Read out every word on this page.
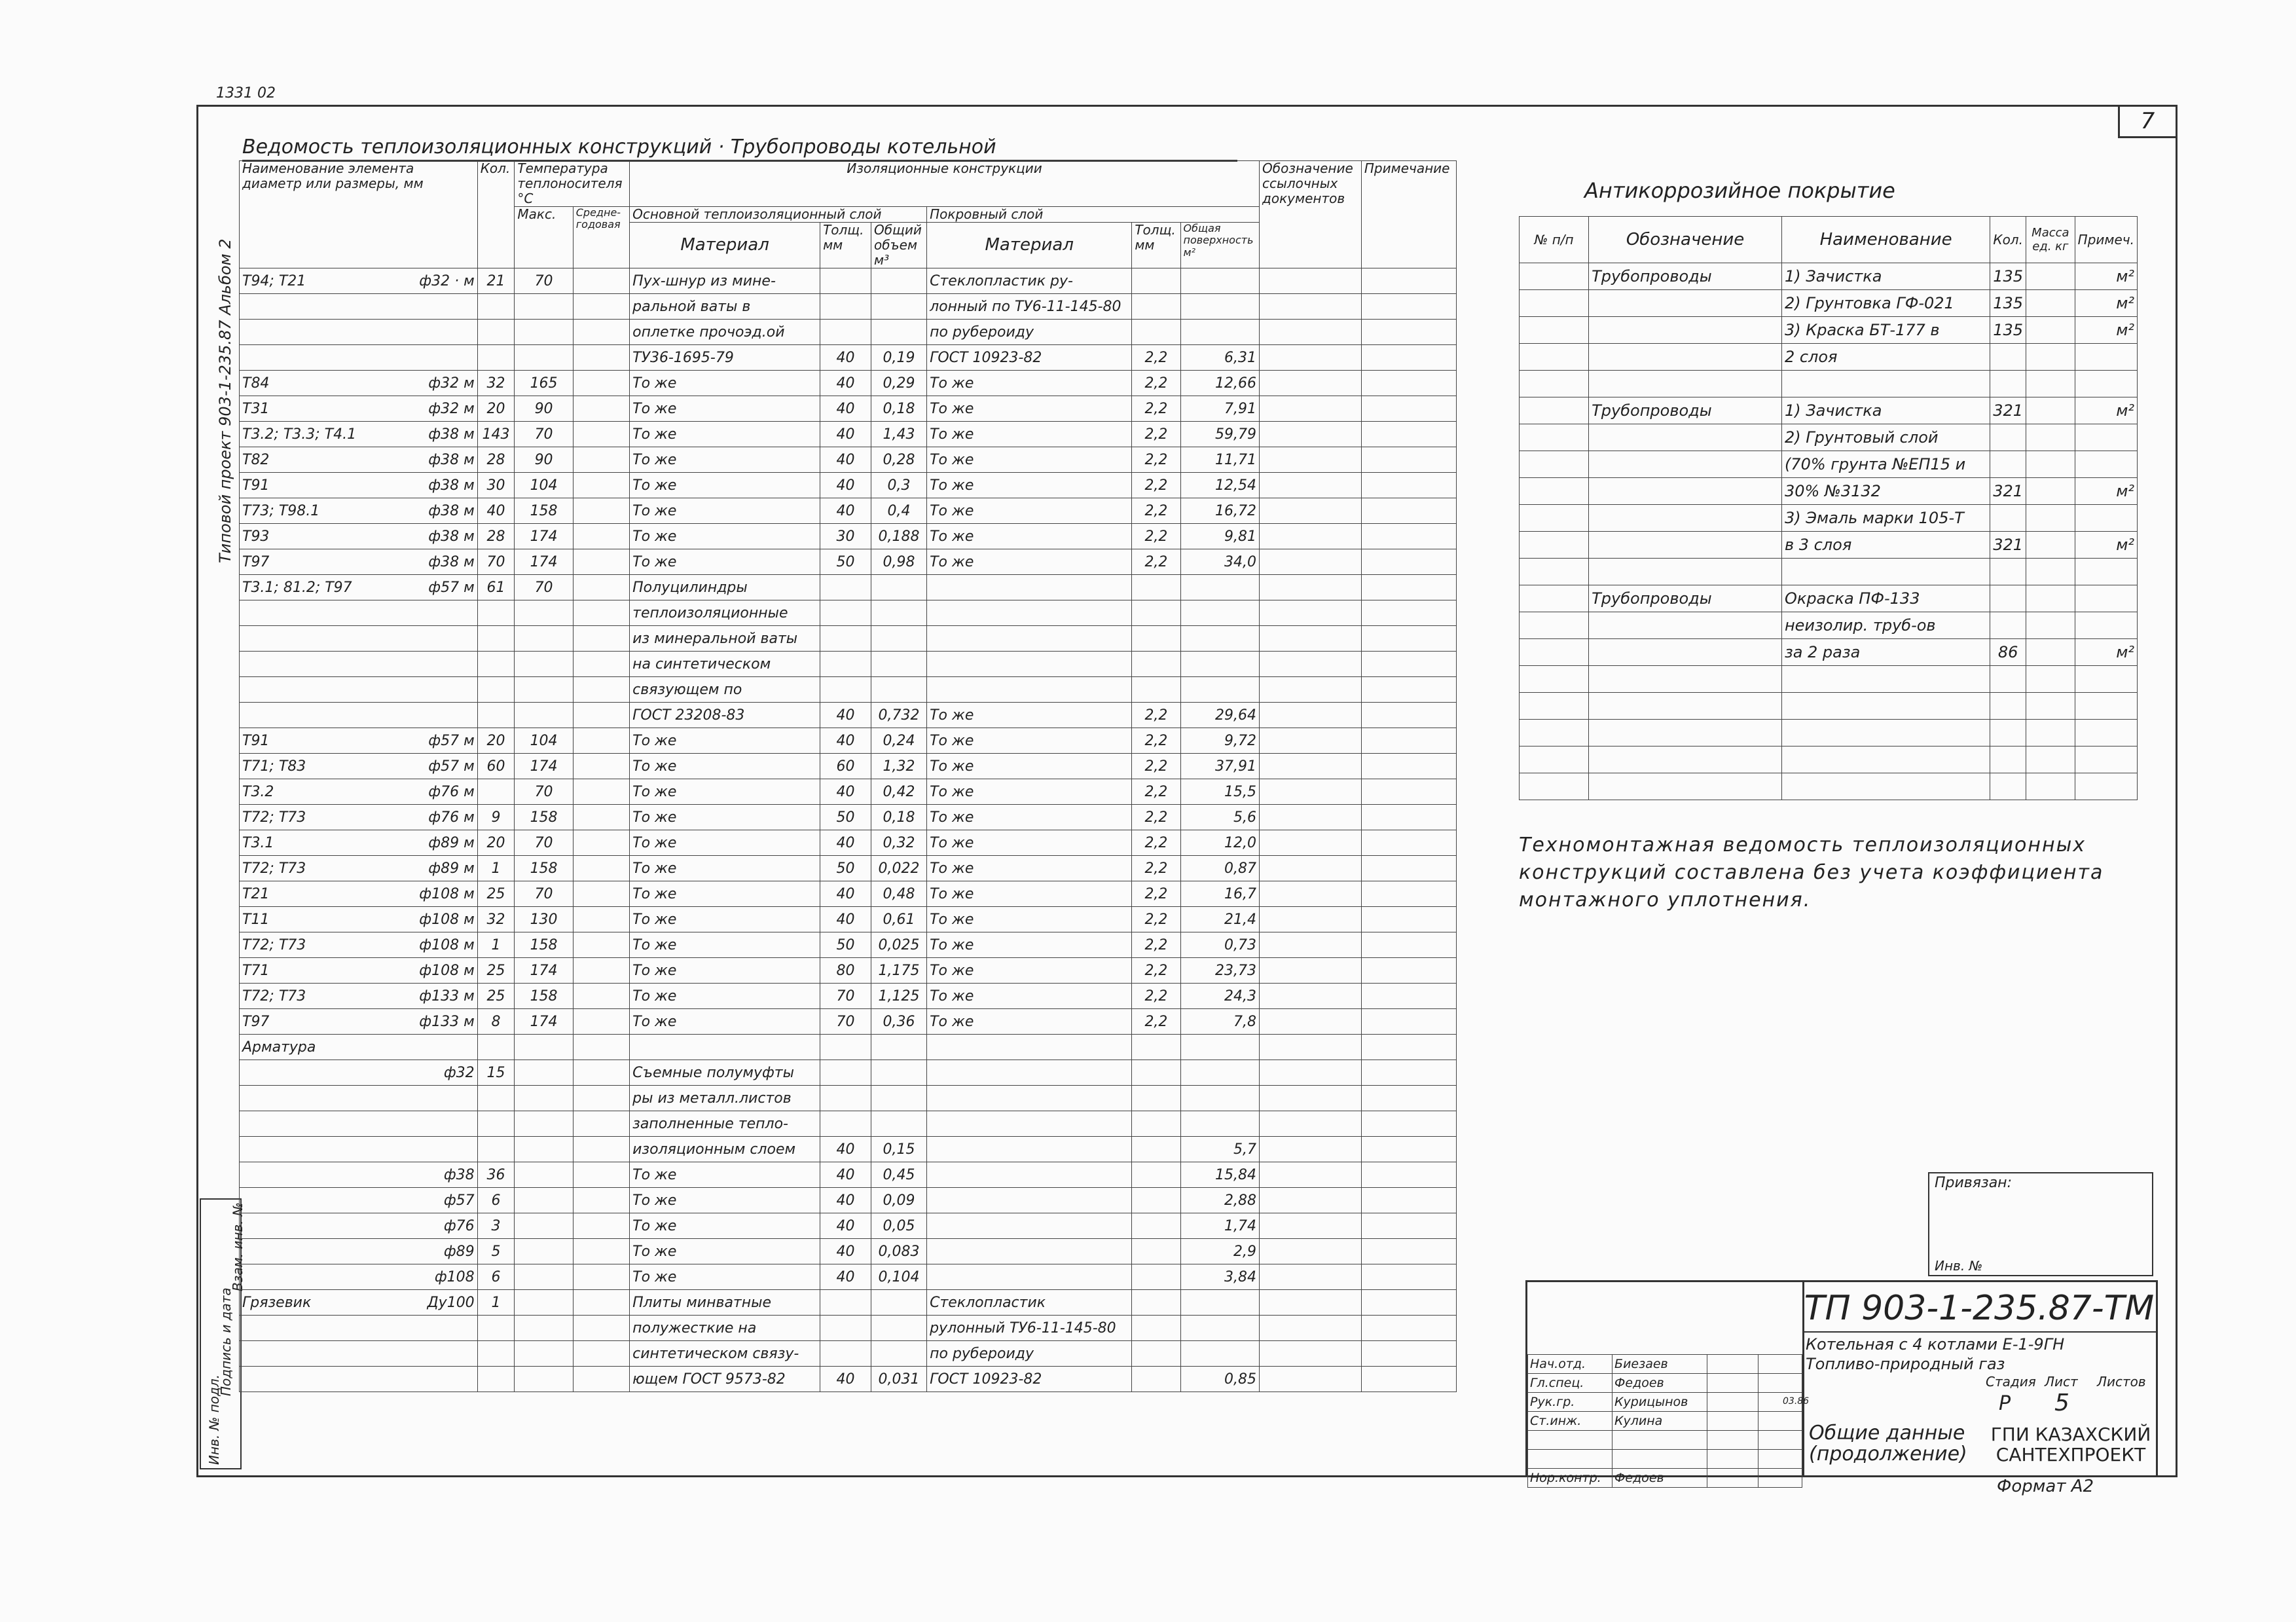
7
1331 02
Типовой проект 903-1-235.87 Альбом 2
Инв. № подл.
Подпись и дата
Взам. инв. №
Ведомость теплоизоляционных конструкций · Трубопроводы котельной
Наименование элемента диаметр или размеры, мм	Кол.	Температура теплоносителя °С		Изоляционные конструкции						Обозначение ссылочных документов	Примечание
		Макс.	Средне-годовая	Основной теплоизоляционный слой			Покровный слой				
				Материал	Толщ. мм	Общий объем м³	Материал	Толщ. мм	Общая поверхность м²		
Т94; Т21 ф32 · м	21	70		Пух-шнур из мине-			Стеклопластик ру-				

				ральной ваты в			лонный по ТУ6-11-145-80				

				оплетке прочоэд.ой			по рубероиду				

				ТУ36-1695-79	40	0,19	ГОСТ 10923-82	2,2	6,31		
Т84 ф32 м	32	165		То же	40	0,29	То же	2,2	12,66		
Т31 ф32 м	20	90		То же	40	0,18	То же	2,2	7,91		
Т3.2; Т3.3; Т4.1 ф38 м	143	70		То же	40	1,43	То же	2,2	59,79		
Т82 ф38 м	28	90		То же	40	0,28	То же	2,2	11,71		
Т91 ф38 м	30	104		То же	40	0,3	То же	2,2	12,54		
Т73; Т98.1 ф38 м	40	158		То же	40	0,4	То же	2,2	16,72		
Т93 ф38 м	28	174		То же	30	0,188	То же	2,2	9,81		
Т97 ф38 м	70	174		То же	50	0,98	То же	2,2	34,0		
Т3.1; 81.2; Т97 ф57 м	61	70		Полуцилиндры							

				теплоизоляционные							

				из минеральной ваты							

				на синтетическом							

				связующем по							

				ГОСТ 23208-83	40	0,732	То же	2,2	29,64		
Т91 ф57 м	20	104		То же	40	0,24	То же	2,2	9,72		
Т71; Т83 ф57 м	60	174		То же	60	1,32	То же	2,2	37,91		
Т3.2 ф76 м		70		То же	40	0,42	То же	2,2	15,5		
Т72; Т73 ф76 м	9	158		То же	50	0,18	То же	2,2	5,6		
Т3.1 ф89 м	20	70		То же	40	0,32	То же	2,2	12,0		
Т72; Т73 ф89 м	1	158		То же	50	0,022	То же	2,2	0,87		
Т21 ф108 м	25	70		То же	40	0,48	То же	2,2	16,7		
Т11 ф108 м	32	130		То же	40	0,61	То же	2,2	21,4		
Т72; Т73 ф108 м	1	158		То же	50	0,025	То же	2,2	0,73		
Т71 ф108 м	25	174		То же	80	1,175	То же	2,2	23,73		
Т72; Т73 ф133 м	25	158		То же	70	1,125	То же	2,2	24,3		
Т97 ф133 м	8	174		То же	70	0,36	То же	2,2	7,8		
Арматура

ф32	15			Съемные полумуфты							

				ры из металл.листов							

				заполненные тепло-							

				изоляционным слоем	40	0,15			5,7		

ф38	36			То же	40	0,45			15,84		

ф57	6			То же	40	0,09			2,88		

ф76	3			То же	40	0,05			1,74		

ф89	5			То же	40	0,083			2,9		

ф108	6			То же	40	0,104			3,84		
Грязевик Ду100	1			Плиты минватные			Стеклопластик				

				полужесткие на			рулонный ТУ6-11-145-80				

				синтетическом связу-			по рубероиду				

				ющем ГОСТ 9573-82	40	0,031	ГОСТ 10923-82		0,85		
Антикоррозийное покрытие
№ п/п	Обозначение	Наименование	Кол.	Масса ед. кг	Примеч.
	Трубопроводы	1) Зачистка	135		м²
		2) Грунтовка ГФ-021	135		м²
		3) Краска БТ-177 в	135		м²
		2 слоя			

	Трубопроводы	1) Зачистка	321		м²
		2) Грунтовый слой			
		(70% грунта №ЕП15 и			
		30% №3132	321		м²
		3) Эмаль марки 105-Т			
		в 3 слоя	321		м²

	Трубопроводы	Окраска ПФ-133			
		неизолир. труб-ов			
		за 2 раза	86		м²

Техномонтажная ведомость теплоизоляционных конструкций составлена без учета коэффициента монтажного уплотнения.
Привязан:
Инв. №
Нач.отд.	Биезаев		
Гл.спец.	Федоев		
Рук.гр.	Курицынов		
Ст.инж.	Кулина		

Нор.контр.	Федоев		
ТП 903-1-235.87-ТМ
Котельная с 4 котлами Е-1-9ГН
Топливо-природный газ
Стадия Лист Листов
Р 5
Общие данные
(продолжение)
ГПИ КАЗАХСКИЙ
САНТЕХПРОЕКТ
03.86
Формат А2
